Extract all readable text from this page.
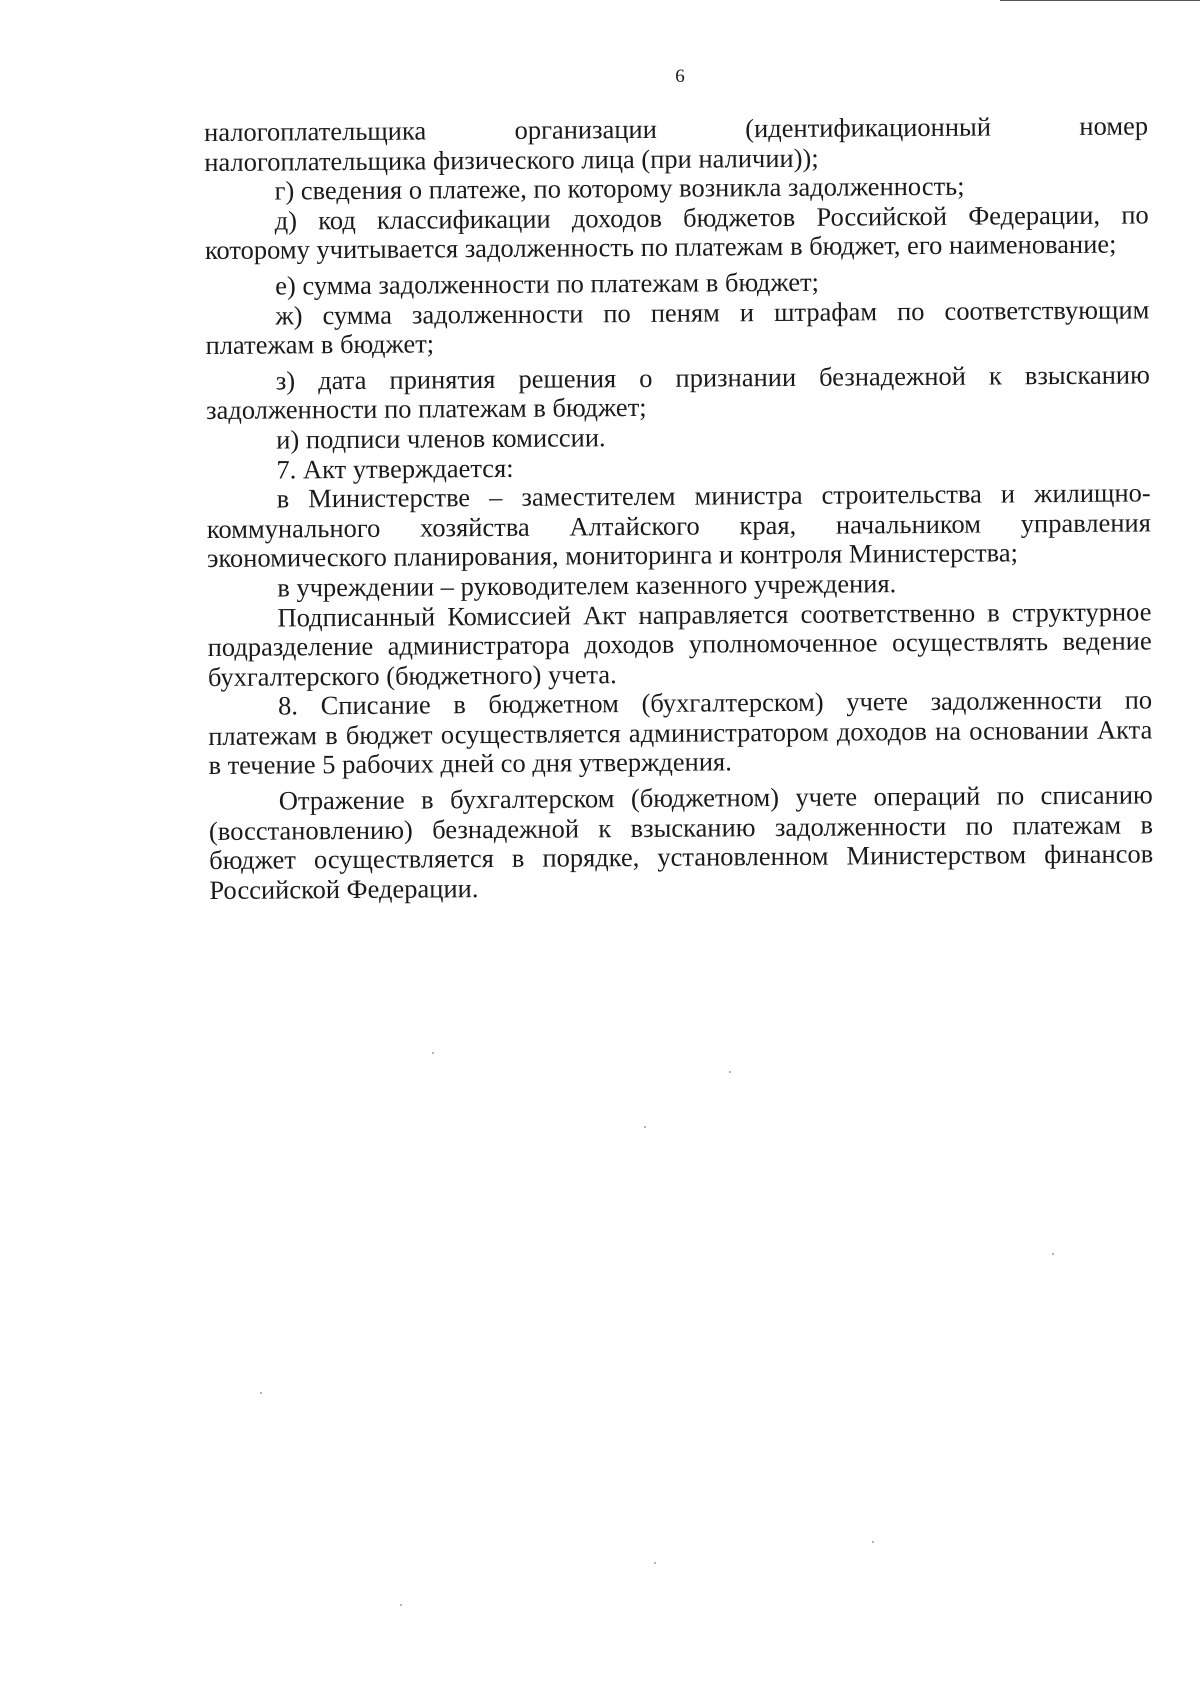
6

налогоплательщика организации (идентификационный номер

налогоплательщика физического лица (при наличии));

г) сведения о платеже, по которому возникла задолженность;

д) код классификации доходов бюджетов Российской Федерации, по которому учитывается задолженность по платежам в бюджет, его наименование;

е) сумма задолженности по платежам в бюджет;

ж) сумма задолженности по пеням и штрафам по соответствующим платежам в бюджет;

з) дата принятия решения о признании безнадежной к взысканию задолженности по платежам в бюджет;

и) подписи членов комиссии.

7. Акт утверждается:

в Министерстве – заместителем министра строительства и жилищно-коммунального хозяйства Алтайского края, начальником управления экономического планирования, мониторинга и контроля Министерства;

в учреждении – руководителем казенного учреждения.

Подписанный Комиссией Акт направляется соответственно в структурное подразделение администратора доходов уполномоченное осуществлять ведение бухгалтерского (бюджетного) учета.

8. Списание в бюджетном (бухгалтерском) учете задолженности по платежам в бюджет осуществляется администратором доходов на основании Акта в течение 5 рабочих дней со дня утверждения.

Отражение в бухгалтерском (бюджетном) учете операций по списанию (восстановлению) безнадежной к взысканию задолженности по платежам в бюджет осуществляется в порядке, установленном Министерством финансов Российской Федерации.
